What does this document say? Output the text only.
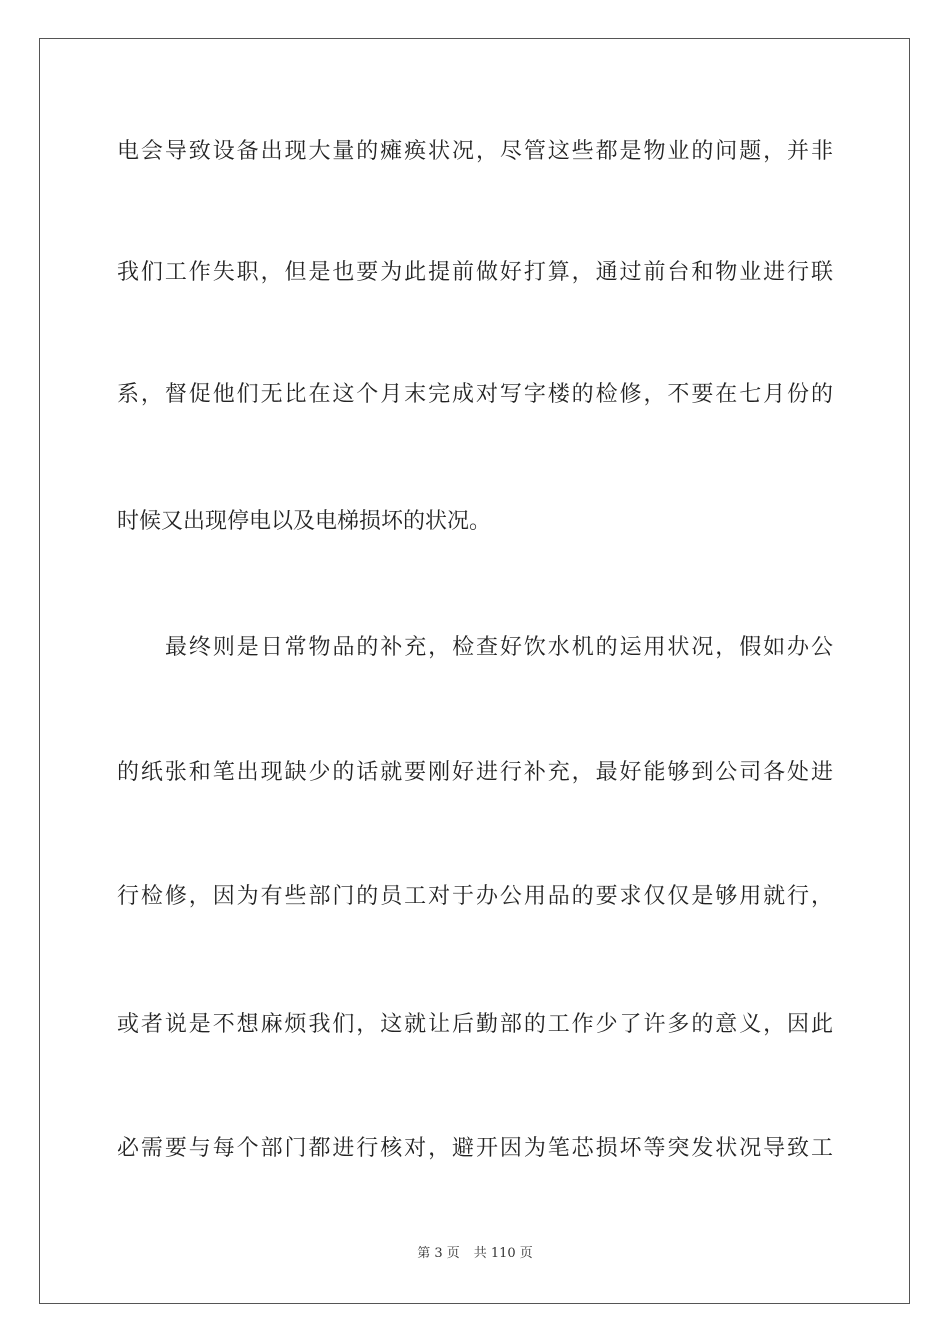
电会导致设备出现大量的瘫痪状况，尽管这些都是物业的问题，并非
我们工作失职，但是也要为此提前做好打算，通过前台和物业进行联
系，督促他们无比在这个月末完成对写字楼的检修，不要在七月份的
时候又出现停电以及电梯损坏的状况。
最终则是日常物品的补充，检查好饮水机的运用状况，假如办公
的纸张和笔出现缺少的话就要刚好进行补充，最好能够到公司各处进
行检修，因为有些部门的员工对于办公用品的要求仅仅是够用就行，
或者说是不想麻烦我们，这就让后勤部的工作少了许多的意义，因此
必需要与每个部门都进行核对，避开因为笔芯损坏等突发状况导致工
第 3 页 共 110 页
